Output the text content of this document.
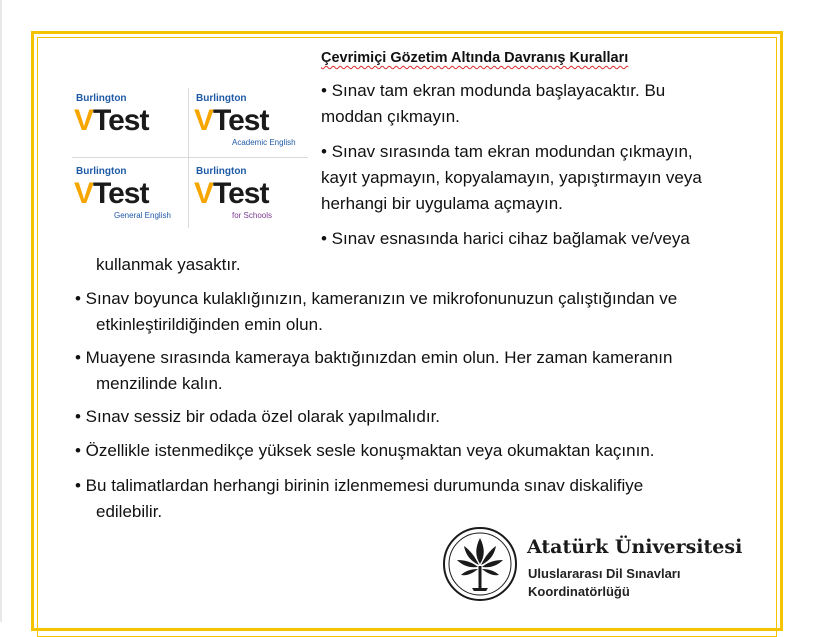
Çevrimiçi Gözetim Altında Davranış Kuralları
Burlington
VTest
Burlington
VTest
Academic English
Burlington
VTest
General English
Burlington
VTest
for Schools
• Sınav tam ekran modunda başlayacaktır. Bu
moddan çıkmayın.
• Sınav sırasında tam ekran modundan çıkmayın,
kayıt yapmayın, kopyalamayın, yapıştırmayın veya
herhangi bir uygulama açmayın.
• Sınav esnasında harici cihaz bağlamak ve/veya
kullanmak yasaktır.
• Sınav boyunca kulaklığınızın, kameranızın ve mikrofonunuzun çalıştığından ve
etkinleştirildiğinden emin olun.
• Muayene sırasında kameraya baktığınızdan emin olun. Her zaman kameranın
menzilinde kalın.
• Sınav sessiz bir odada özel olarak yapılmalıdır.
• Özellikle istenmedikçe yüksek sesle konuşmaktan veya okumaktan kaçının.
• Bu talimatlardan herhangi birinin izlenmemesi durumunda sınav diskalifiye
edilebilir.
Atatürk Üniversitesi
Uluslararası Dil Sınavları
Koordinatörlüğü
